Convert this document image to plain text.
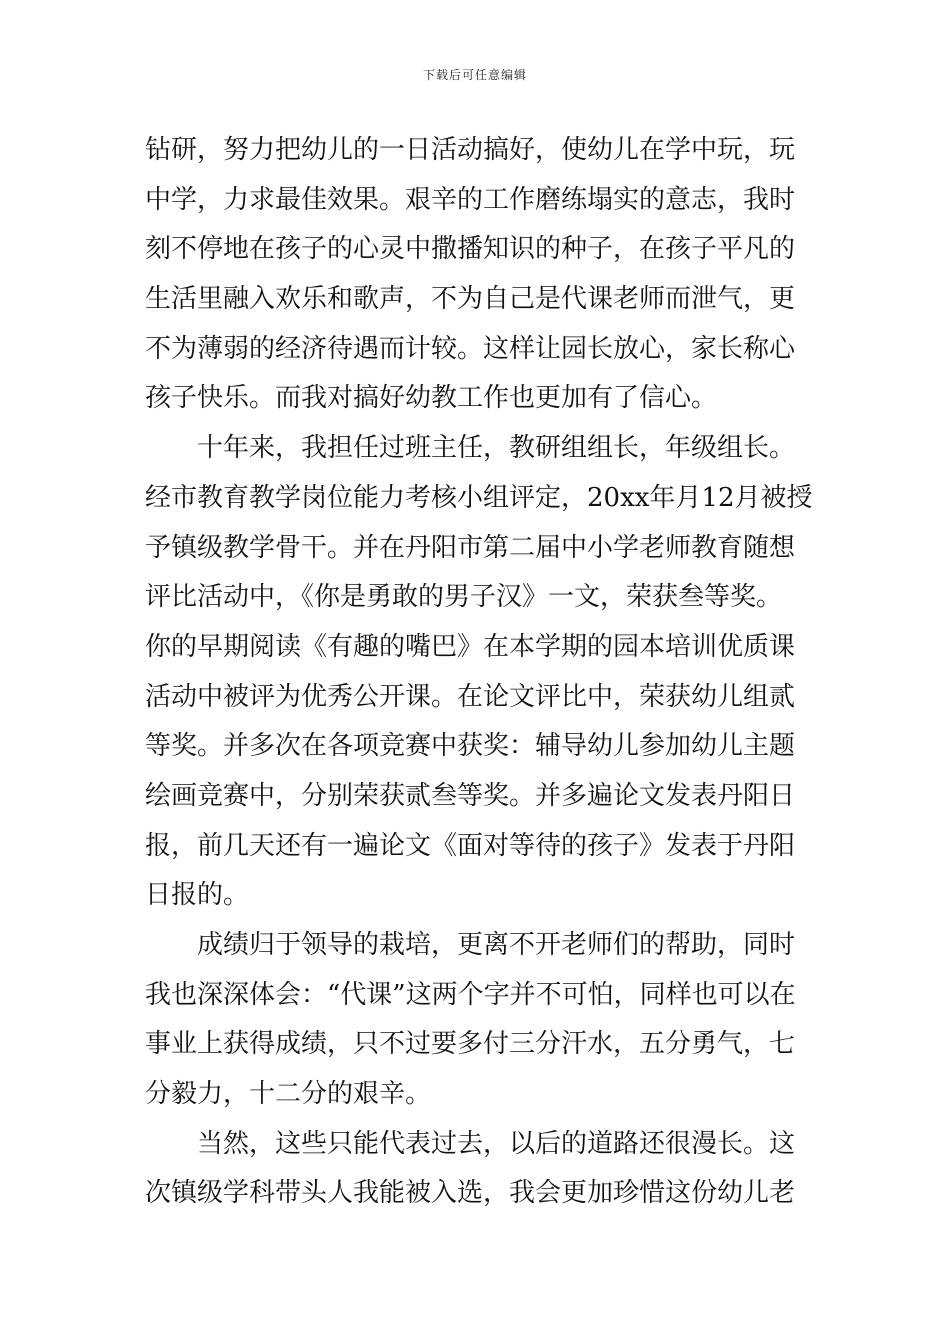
下载后可任意编辑
钻研，努力把幼儿的一日活动搞好，使幼儿在学中玩，玩
中学，力求最佳效果。艰辛的工作磨练塌实的意志，我时
刻不停地在孩子的心灵中撒播知识的种子，在孩子平凡的
生活里融入欢乐和歌声，不为自己是代课老师而泄气，更
不为薄弱的经济待遇而计较。这样让园长放心，家长称心
孩子快乐。而我对搞好幼教工作也更加有了信心。
　　十年来，我担任过班主任，教研组组长，年级组长。
经市教育教学岗位能力考核小组评定，20xx年月12月被授
予镇级教学骨干。并在丹阳市第二届中小学老师教育随想
评比活动中，《你是勇敢的男子汉》一文，荣获叁等奖。
你的早期阅读《有趣的嘴巴》在本学期的园本培训优质课
活动中被评为优秀公开课。在论文评比中，荣获幼儿组贰
等奖。并多次在各项竞赛中获奖：辅导幼儿参加幼儿主题
绘画竞赛中，分别荣获贰叁等奖。并多遍论文发表丹阳日
报，前几天还有一遍论文《面对等待的孩子》发表于丹阳
日报的。
　　成绩归于领导的栽培，更离不开老师们的帮助，同时
我也深深体会：“代课”这两个字并不可怕，同样也可以在
事业上获得成绩，只不过要多付三分汗水，五分勇气，七
分毅力，十二分的艰辛。
　　当然，这些只能代表过去，以后的道路还很漫长。这
次镇级学科带头人我能被入选，我会更加珍惜这份幼儿老
